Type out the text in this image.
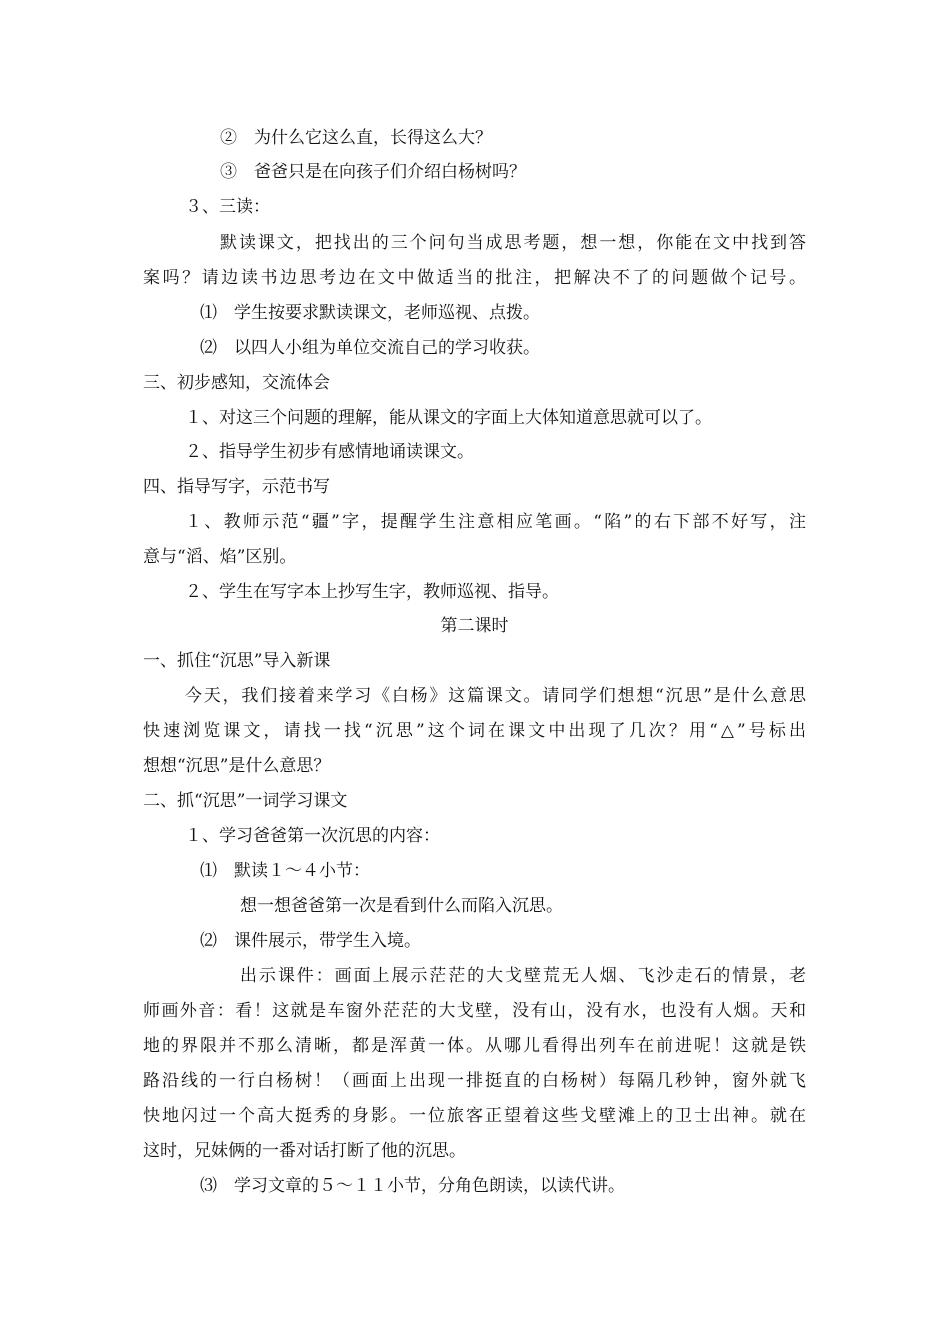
②　为什么它这么直，长得这么大？
③　爸爸只是在向孩子们介绍白杨树吗？
３、三读：
默读课文，把找出的三个问句当成思考题，想一想，你能在文中找到答
案吗？请边读书边思考边在文中做适当的批注，把解决不了的问题做个记号。
⑴　学生按要求默读课文，老师巡视、点拨。
⑵　以四人小组为单位交流自己的学习收获。
三、初步感知，交流体会
１、对这三个问题的理解，能从课文的字面上大体知道意思就可以了。
２、指导学生初步有感情地诵读课文。
四、指导写字，示范书写
１、教师示范“疆”字，提醒学生注意相应笔画。“陷”的右下部不好写，注
意与“滔、焰”区别。
２、学生在写字本上抄写生字，教师巡视、指导。
第二课时
一、抓住“沉思”导入新课
今天，我们接着来学习《白杨》这篇课文。请同学们想想“沉思”是什么意思
快速浏览课文，请找一找“沉思”这个词在课文中出现了几次？用“△”号标出
想想“沉思”是什么意思？
二、抓“沉思”一词学习课文
１、学习爸爸第一次沉思的内容：
⑴　默读１～４小节：
想一想爸爸第一次是看到什么而陷入沉思。
⑵　课件展示，带学生入境。
出示课件：画面上展示茫茫的大戈壁荒无人烟、飞沙走石的情景，老
师画外音：看！这就是车窗外茫茫的大戈壁，没有山，没有水，也没有人烟。天和
地的界限并不那么清晰，都是浑黄一体。从哪儿看得出列车在前进呢！这就是铁
路沿线的一行白杨树！（画面上出现一排挺直的白杨树）每隔几秒钟，窗外就飞
快地闪过一个高大挺秀的身影。一位旅客正望着这些戈壁滩上的卫士出神。就在
这时，兄妹俩的一番对话打断了他的沉思。
⑶　学习文章的５～１１小节，分角色朗读，以读代讲。
